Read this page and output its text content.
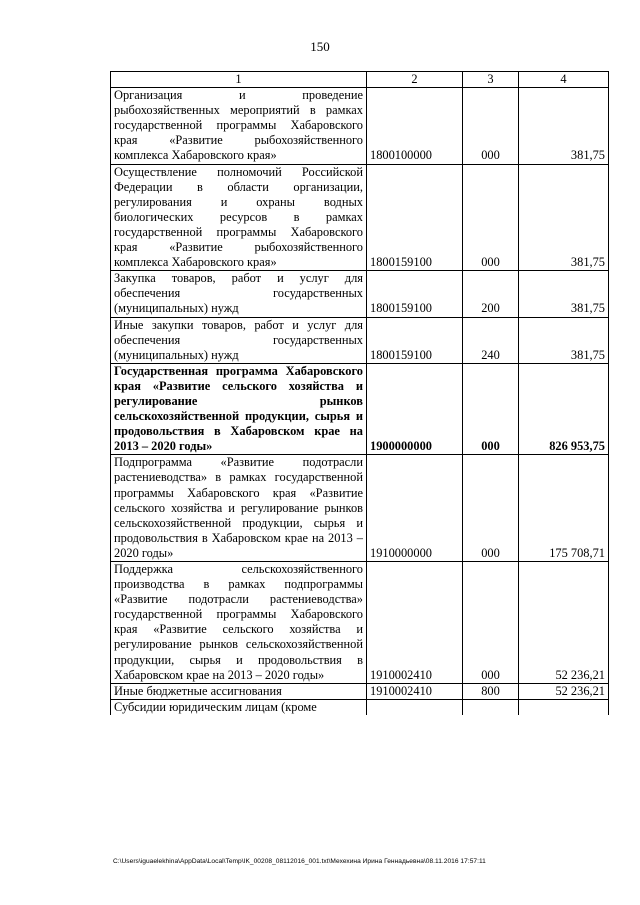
150
1	2	3	4
Организация и проведение рыбохозяйственных мероприятий в рамках государственной программы Хабаровского края «Развитие рыбохозяйственного комплекса Хабаровского края»	1800100000	000	381,75
Осуществление полномочий Российской Федерации в области организации, регулирования и охраны водных биологических ресурсов в рамках государственной программы Хабаровского края «Развитие рыбохозяйственного комплекса Хабаровского края»	1800159100	000	381,75
Закупка товаров, работ и услуг для обеспечения государственных (муниципальных) нужд	1800159100	200	381,75
Иные закупки товаров, работ и услуг для обеспечения государственных (муниципальных) нужд	1800159100	240	381,75
Государственная программа Хабаровского края «Развитие сельского хозяйства и регулирование рынков сельскохозяйственной продукции, сырья и продовольствия в Хабаровском крае на 2013 – 2020 годы»	1900000000	000	826 953,75
Подпрограмма «Развитие подотрасли растениеводства» в рамках государственной программы Хабаровского края «Развитие сельского хозяйства и регулирование рынков сельскохозяйственной продукции, сырья и продовольствия в Хабаровском крае на 2013 – 2020 годы»	1910000000	000	175 708,71
Поддержка сельскохозяйственного производства в рамках подпрограммы «Развитие подотрасли растениеводства» государственной программы Хабаровского края «Развитие сельского хозяйства и регулирование рынков сельскохозяйственной продукции, сырья и продовольствия в Хабаровском крае на 2013 – 2020 годы»	1910002410	000	52 236,21
Иные бюджетные ассигнования	1910002410	800	52 236,21
Субсидии юридическим лицам (кроме			
C:\Users\iguaelekhina\AppData\Local\Temp\IK_00208_08112016_001.txt\Мехехина Ирина Геннадьевна\08.11.2016 17:57:11
